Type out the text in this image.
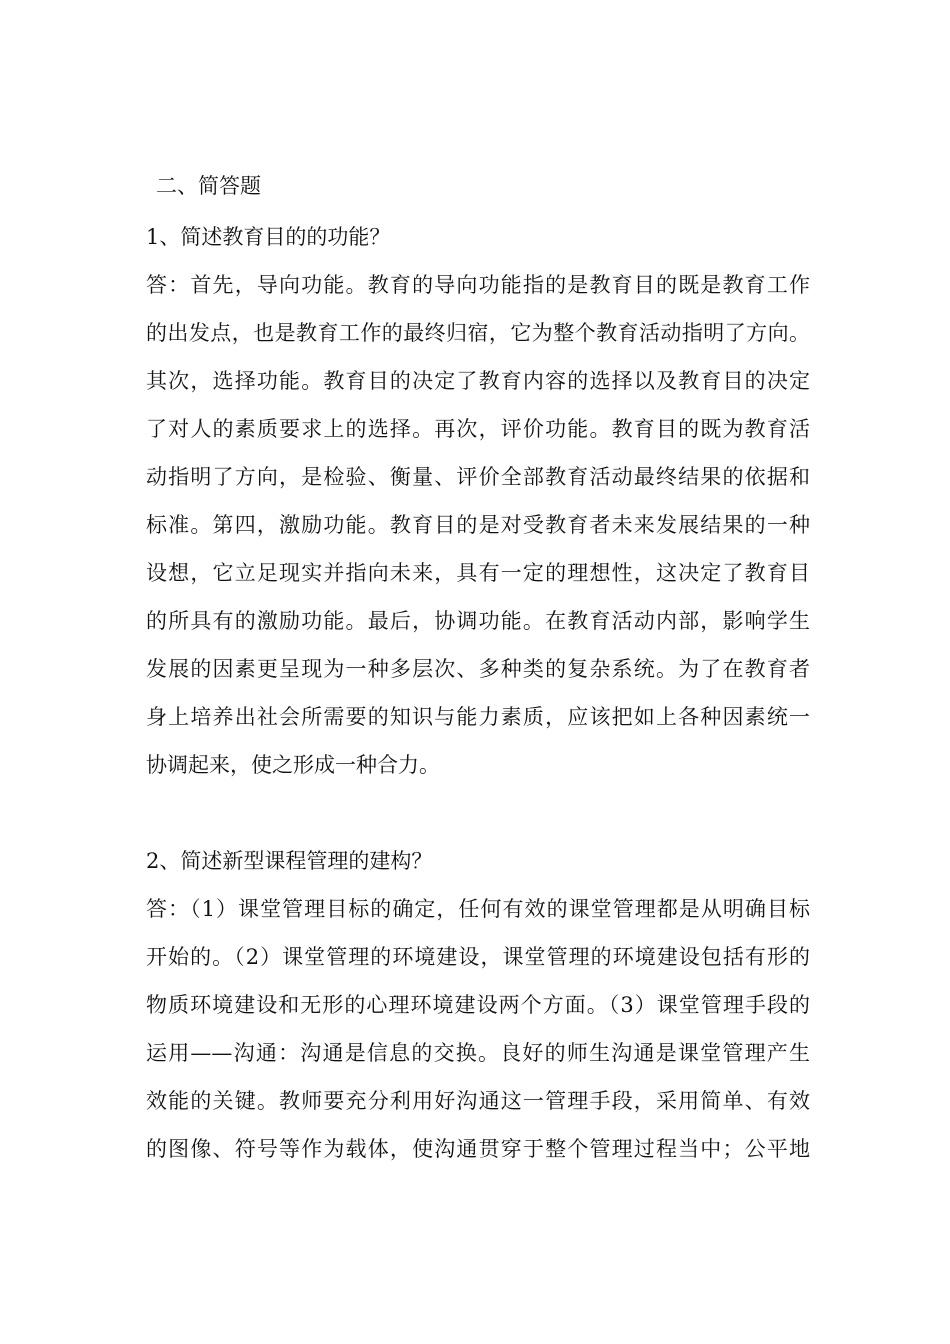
二、简答题
1、简述教育目的的功能？
答：首先，导向功能。教育的导向功能指的是教育目的既是教育工作
的出发点，也是教育工作的最终归宿，它为整个教育活动指明了方向。
其次，选择功能。教育目的决定了教育内容的选择以及教育目的决定
了对人的素质要求上的选择。再次，评价功能。教育目的既为教育活
动指明了方向，是检验、衡量、评价全部教育活动最终结果的依据和
标准。第四，激励功能。教育目的是对受教育者未来发展结果的一种
设想，它立足现实并指向未来，具有一定的理想性，这决定了教育目
的所具有的激励功能。最后，协调功能。在教育活动内部，影响学生
发展的因素更呈现为一种多层次、多种类的复杂系统。为了在教育者
身上培养出社会所需要的知识与能力素质，应该把如上各种因素统一
协调起来，使之形成一种合力。
2、简述新型课程管理的建构？
答：（1）课堂管理目标的确定，任何有效的课堂管理都是从明确目标
开始的。（2）课堂管理的环境建设，课堂管理的环境建设包括有形的
物质环境建设和无形的心理环境建设两个方面。（3）课堂管理手段的
运用——沟通：沟通是信息的交换。良好的师生沟通是课堂管理产生
效能的关键。教师要充分利用好沟通这一管理手段，采用简单、有效
的图像、符号等作为载体，使沟通贯穿于整个管理过程当中；公平地
